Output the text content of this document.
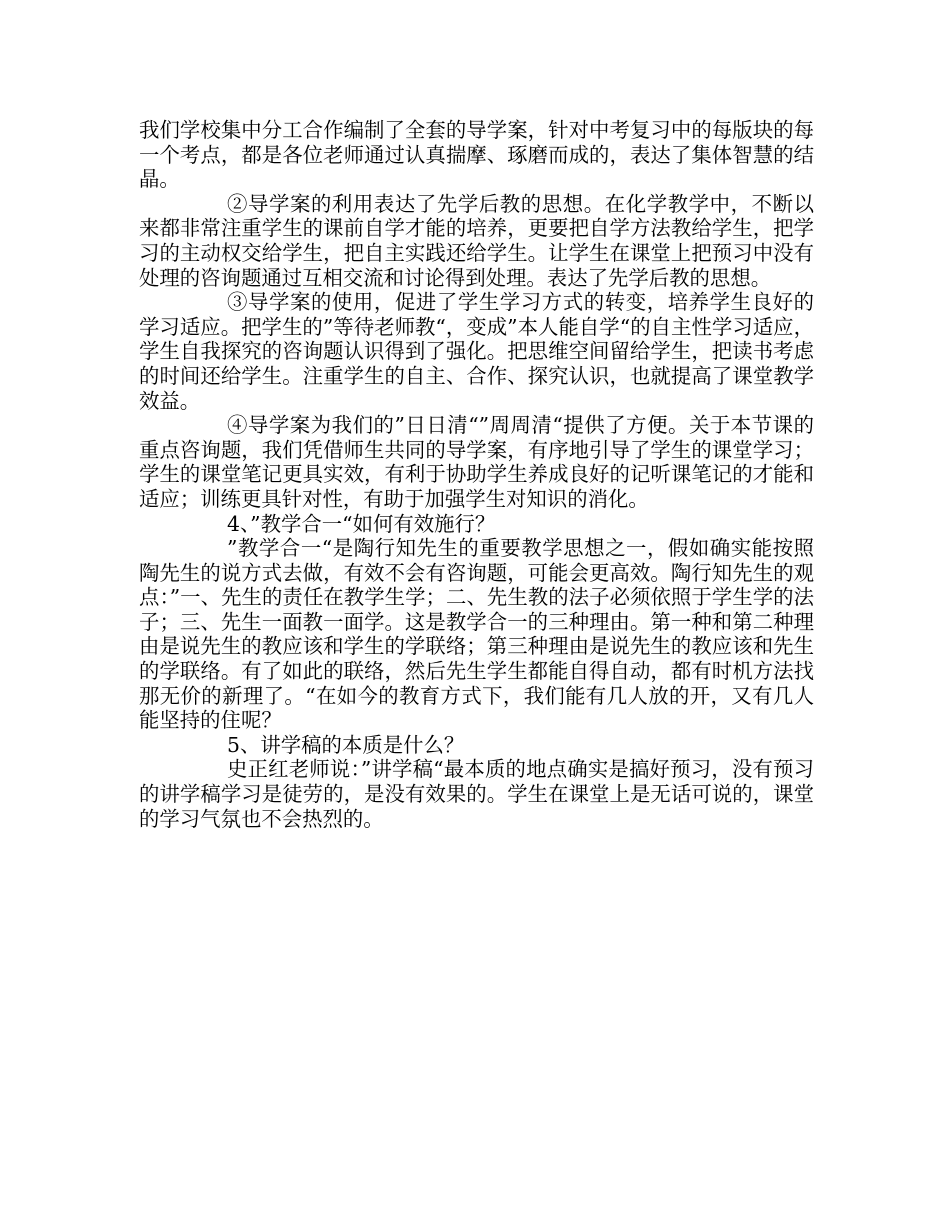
我们学校集中分工合作编制了全套的导学案，针对中考复习中的每版块的每一个考点，都是各位老师通过认真揣摩、琢磨而成的，表达了集体智慧的结晶。

②导学案的利用表达了先学后教的思想。在化学教学中，不断以来都非常注重学生的课前自学才能的培养，更要把自学方法教给学生，把学习的主动权交给学生，把自主实践还给学生。让学生在课堂上把预习中没有处理的咨询题通过互相交流和讨论得到处理。表达了先学后教的思想。

③导学案的使用，促进了学生学习方式的转变，培养学生良好的学习适应。把学生的”等待老师教“，变成”本人能自学“的自主性学习适应，学生自我探究的咨询题认识得到了强化。把思维空间留给学生，把读书考虑的时间还给学生。注重学生的自主、合作、探究认识，也就提高了课堂教学效益。

④导学案为我们的”日日清“”周周清“提供了方便。关于本节课的重点咨询题，我们凭借师生共同的导学案，有序地引导了学生的课堂学习；学生的课堂笔记更具实效，有利于协助学生养成良好的记听课笔记的才能和适应；训练更具针对性，有助于加强学生对知识的消化。

4、”教学合一“如何有效施行？

”教学合一“是陶行知先生的重要教学思想之一，假如确实能按照陶先生的说方式去做，有效不会有咨询题，可能会更高效。陶行知先生的观点：”一、先生的责任在教学生学；二、先生教的法子必须依照于学生学的法子；三、先生一面教一面学。这是教学合一的三种理由。第一种和第二种理由是说先生的教应该和学生的学联络；第三种理由是说先生的教应该和先生的学联络。有了如此的联络，然后先生学生都能自得自动，都有时机方法找那无价的新理了。“在如今的教育方式下，我们能有几人放的开，又有几人能坚持的住呢？

5、讲学稿的本质是什么？

史正红老师说：”讲学稿“最本质的地点确实是搞好预习，没有预习的讲学稿学习是徒劳的，是没有效果的。学生在课堂上是无话可说的，课堂的学习气氛也不会热烈的。
